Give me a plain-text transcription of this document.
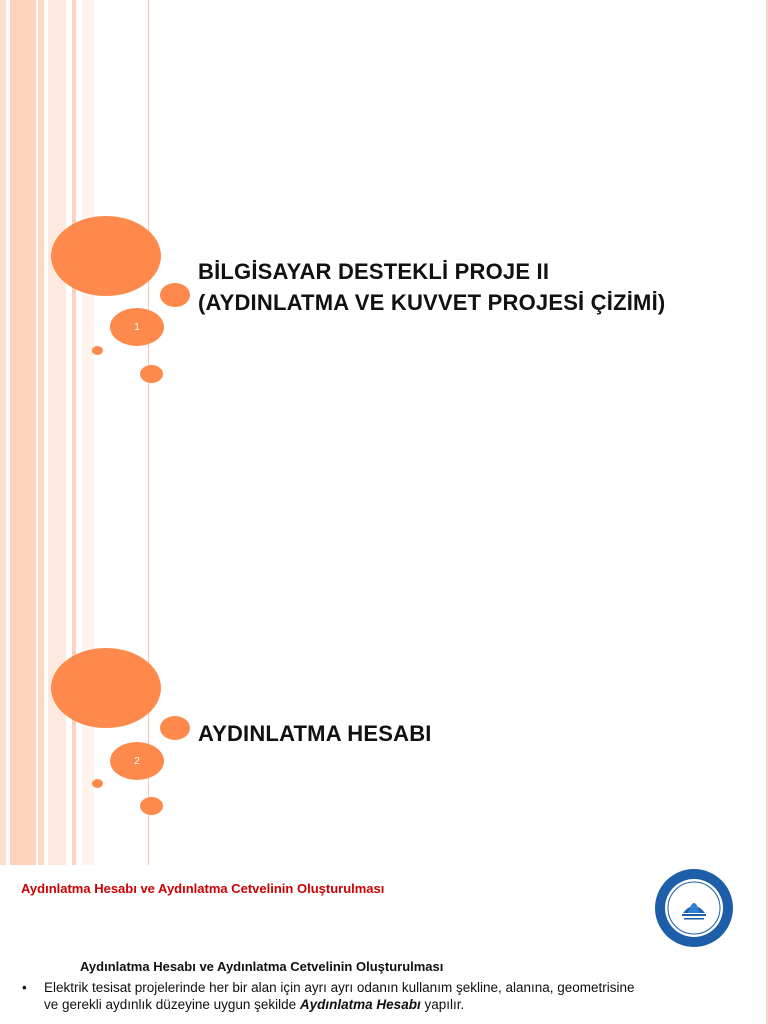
1
BİLGİSAYAR DESTEKLİ PROJE II
(AYDINLATMA VE KUVVET PROJESİ ÇİZİMİ)
2
AYDINLATMA HESABI
Aydınlatma Hesabı ve Aydınlatma Cetvelinin Oluşturulması
Aydınlatma Hesabı ve Aydınlatma Cetvelinin Oluşturulması
• Elektrik tesisat projelerinde her bir alan için ayrı ayrı odanın kullanım şekline, alanına, geometrisine
ve gerekli aydınlık düzeyine uygun şekilde Aydınlatma Hesabı yapılır.
